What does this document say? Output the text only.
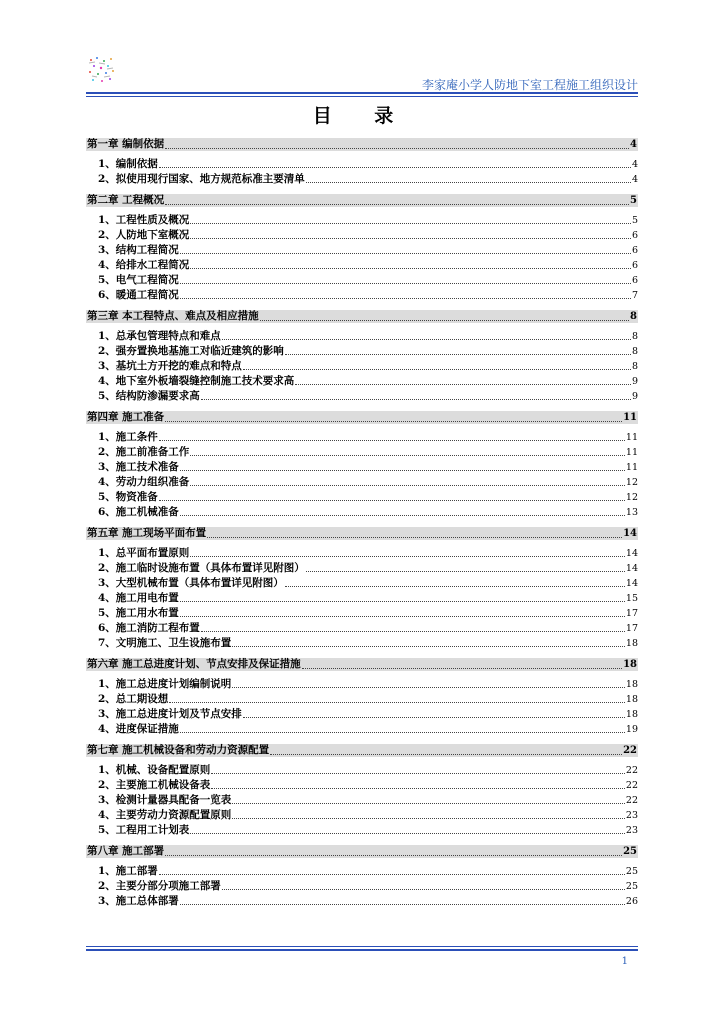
李家庵小学人防地下室工程施工组织设计
目 录
第一章 编制依据	4
1、编制依据	4
2、拟使用现行国家、地方规范标准主要清单	4
第二章 工程概况	5
1、工程性质及概况	5
2、人防地下室概况	6
3、结构工程简况	6
4、给排水工程简况	6
5、电气工程简况	6
6、暖通工程简况	7
第三章 本工程特点、难点及相应措施	8
1、总承包管理特点和难点	8
2、强夯置换地基施工对临近建筑的影响	8
3、基坑土方开挖的难点和特点	8
4、地下室外板墙裂缝控制施工技术要求高	9
5、结构防渗漏要求高	9
第四章 施工准备	11
1、施工条件	11
2、施工前准备工作	11
3、施工技术准备	11
4、劳动力组织准备	12
5、物资准备	12
6、施工机械准备	13
第五章 施工现场平面布置	14
1、总平面布置原则	14
2、施工临时设施布置（具体布置详见附图）	14
3、大型机械布置（具体布置详见附图）	14
4、施工用电布置	15
5、施工用水布置	17
6、施工消防工程布置	17
7、文明施工、卫生设施布置	18
第六章 施工总进度计划、节点安排及保证措施	18
1、施工总进度计划编制说明	18
2、总工期设想	18
3、施工总进度计划及节点安排	18
4、进度保证措施	19
第七章 施工机械设备和劳动力资源配置	22
1、机械、设备配置原则	22
2、主要施工机械设备表	22
3、检测计量器具配备一览表	22
4、主要劳动力资源配置原则	23
5、工程用工计划表	23
第八章 施工部署	25
1、施工部署	25
2、主要分部分项施工部署	25
3、施工总体部署	26
1
